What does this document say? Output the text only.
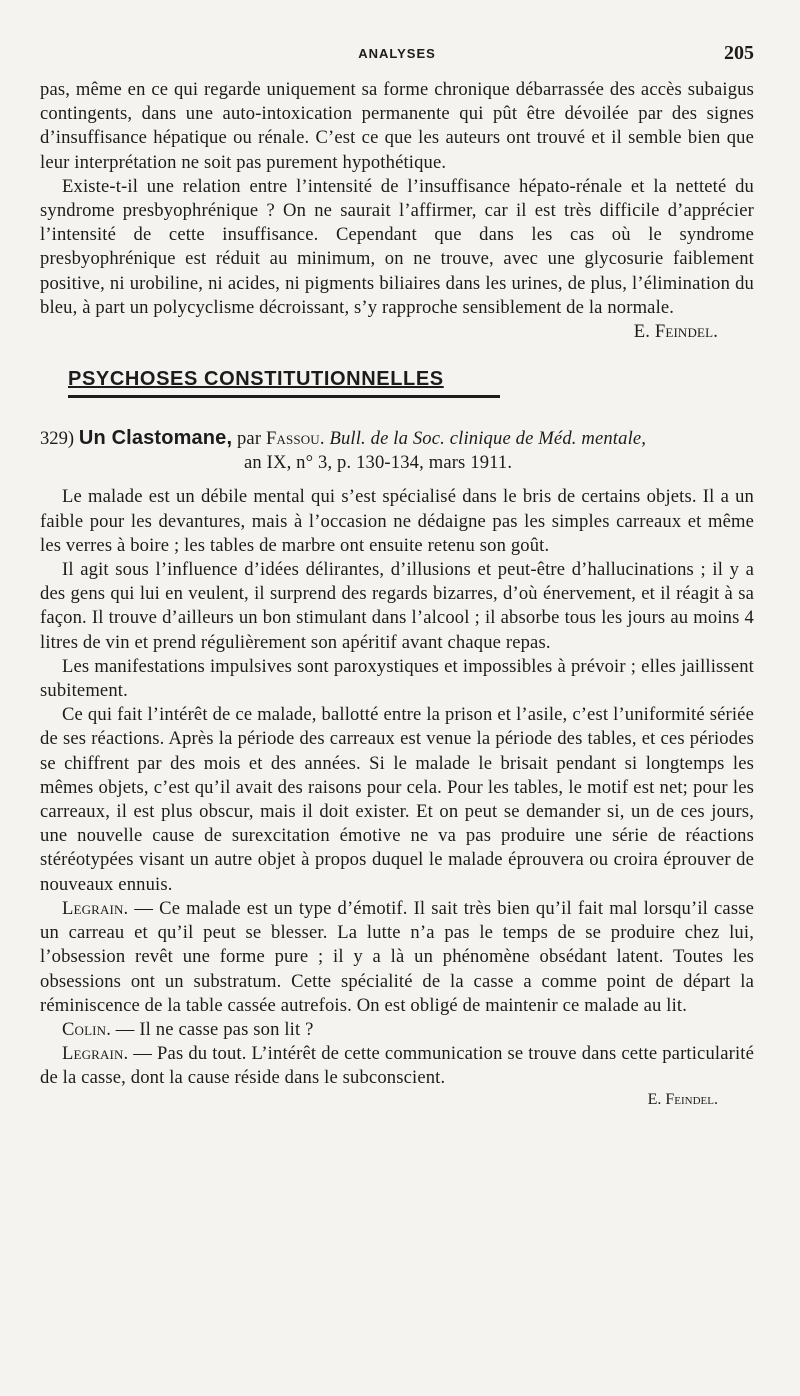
ANALYSES	205

pas, même en ce qui regarde uniquement sa forme chronique débarrassée des accès subaigus contingents, dans une auto-intoxication permanente qui pût être dévoilée par des signes d’insuffisance hépatique ou rénale. C’est ce que les auteurs ont trouvé et il semble bien que leur interprétation ne soit pas purement hypothétique.

Existe-t-il une relation entre l’intensité de l’insuffisance hépato-rénale et la netteté du syndrome presbyophrénique ? On ne saurait l’affirmer, car il est très difficile d’apprécier l’intensité de cette insuffisance. Cependant que dans les cas où le syndrome presbyophrénique est réduit au minimum, on ne trouve, avec une glycosurie faiblement positive, ni urobiline, ni acides, ni pigments biliaires dans les urines, de plus, l’élimination du bleu, à part un polycyclisme décroissant, s’y rapproche sensiblement de la normale.
E. Feindel.

PSYCHOSES CONSTITUTIONNELLES

329) Un Clastomane, par Fassou. Bull. de la Soc. clinique de Méd. mentale,
an IX, n° 3, p. 130-134, mars 1911.

Le malade est un débile mental qui s’est spécialisé dans le bris de certains objets. Il a un faible pour les devantures, mais à l’occasion ne dédaigne pas les simples carreaux et même les verres à boire ; les tables de marbre ont ensuite retenu son goût.

Il agit sous l’influence d’idées délirantes, d’illusions et peut-être d’hallucinations ; il y a des gens qui lui en veulent, il surprend des regards bizarres, d’où énervement, et il réagit à sa façon. Il trouve d’ailleurs un bon stimulant dans l’alcool ; il absorbe tous les jours au moins 4 litres de vin et prend régulièrement son apéritif avant chaque repas.

Les manifestations impulsives sont paroxystiques et impossibles à prévoir ; elles jaillissent subitement.

Ce qui fait l’intérêt de ce malade, ballotté entre la prison et l’asile, c’est l’uniformité sériée de ses réactions. Après la période des carreaux est venue la période des tables, et ces périodes se chiffrent par des mois et des années. Si le malade le brisait pendant si longtemps les mêmes objets, c’est qu’il avait des raisons pour cela. Pour les tables, le motif est net; pour les carreaux, il est plus obscur, mais il doit exister. Et on peut se demander si, un de ces jours, une nouvelle cause de surexcitation émotive ne va pas produire une série de réactions stéréotypées visant un autre objet à propos duquel le malade éprouvera ou croira éprouver de nouveaux ennuis.

Legrain. — Ce malade est un type d’émotif. Il sait très bien qu’il fait mal lorsqu’il casse un carreau et qu’il peut se blesser. La lutte n’a pas le temps de se produire chez lui, l’obsession revêt une forme pure ; il y a là un phénomène obsédant latent. Toutes les obsessions ont un substratum. Cette spécialité de la casse a comme point de départ la réminiscence de la table cassée autrefois. On est obligé de maintenir ce malade au lit.

Colin. — Il ne casse pas son lit ?

Legrain. — Pas du tout. L’intérêt de cette communication se trouve dans cette particularité de la casse, dont la cause réside dans le subconscient.

E. Feindel.
